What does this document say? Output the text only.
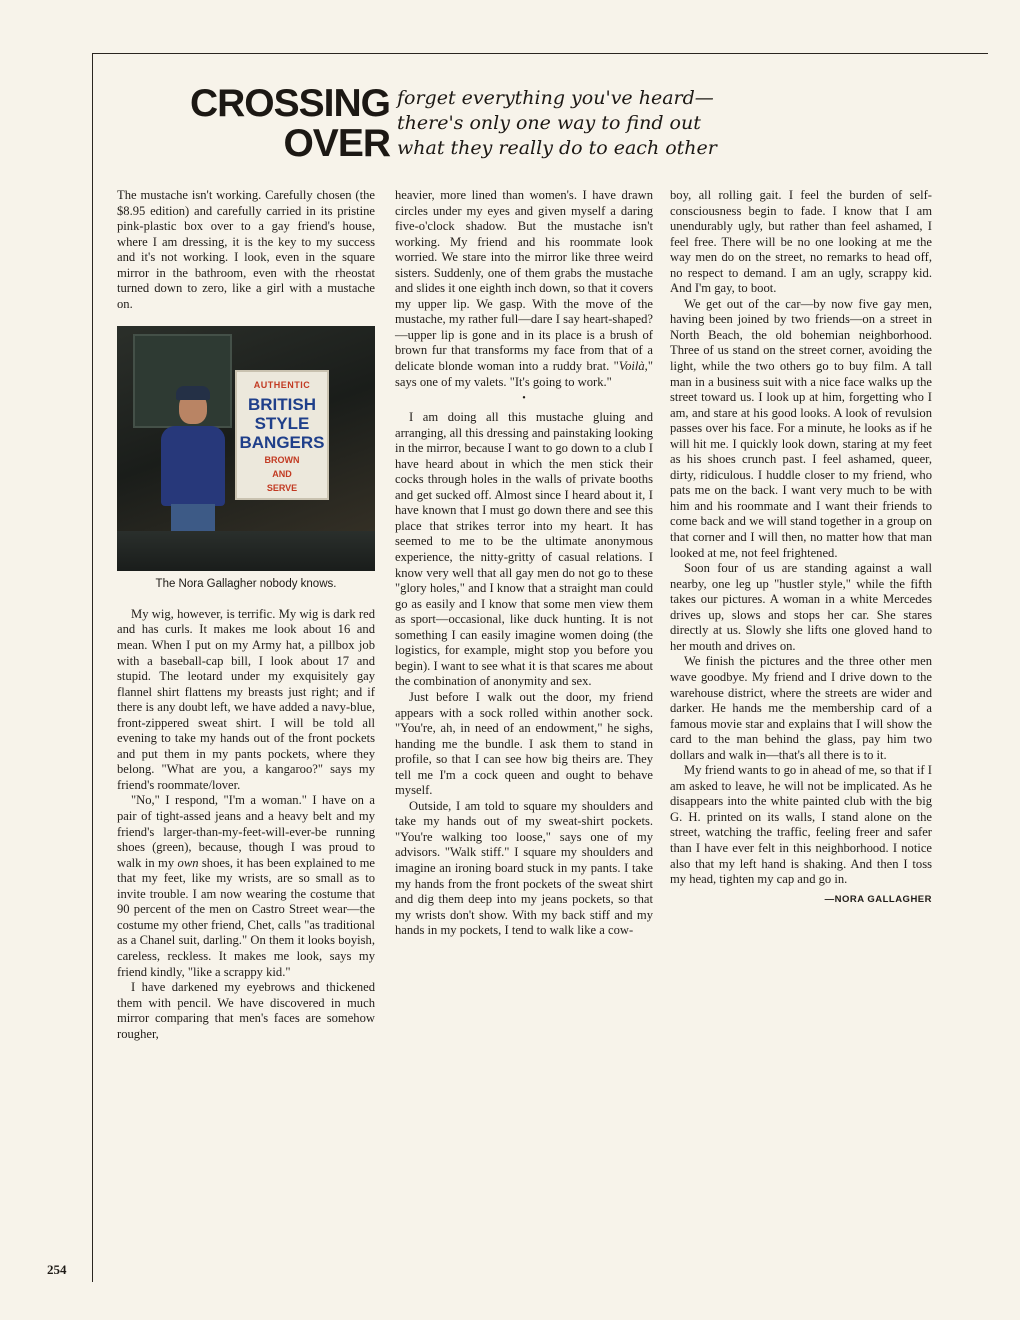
CROSSING
OVER
forget everything you've heard—
there's only one way to find out
what they really do to each other

The mustache isn't working. Carefully chosen (the $8.95 edition) and carefully carried in its pristine pink-plastic box over to a gay friend's house, where I am dressing, it is the key to my success and it's not working. I look, even in the square mirror in the bathroom, even with the rheostat turned down to zero, like a girl with a mustache on.

AUTHENTIC
BRITISH
STYLE
BANGERS
BROWN
AND
SERVE
The Nora Gallagher nobody knows.

My wig, however, is terrific. My wig is dark red and has curls. It makes me look about 16 and mean. When I put on my Army hat, a pillbox job with a baseball-cap bill, I look about 17 and stupid. The leotard under my exquisitely gay flannel shirt flattens my breasts just right; and if there is any doubt left, we have added a navy-blue, front-zippered sweat shirt. I will be told all evening to take my hands out of the front pockets and put them in my pants pockets, where they belong. "What are you, a kangaroo?" says my friend's roommate/lover.

"No," I respond, "I'm a woman." I have on a pair of tight-assed jeans and a heavy belt and my friend's larger-than-my-feet-will-ever-be running shoes (green), because, though I was proud to walk in my own shoes, it has been explained to me that my feet, like my wrists, are so small as to invite trouble. I am now wearing the costume that 90 percent of the men on Castro Street wear—the costume my other friend, Chet, calls "as traditional as a Chanel suit, darling." On them it looks boyish, careless, reckless. It makes me look, says my friend kindly, "like a scrappy kid."

I have darkened my eyebrows and thickened them with pencil. We have discovered in much mirror comparing that men's faces are somehow rougher,

heavier, more lined than women's. I have drawn circles under my eyes and given myself a daring five-o'clock shadow. But the mustache isn't working. My friend and his roommate look worried. We stare into the mirror like three weird sisters. Suddenly, one of them grabs the mustache and slides it one eighth inch down, so that it covers my upper lip. We gasp. With the move of the mustache, my rather full—dare I say heart-shaped?—upper lip is gone and in its place is a brush of brown fur that transforms my face from that of a delicate blonde woman into a ruddy brat. "Voilà," says one of my valets. "It's going to work."

•

I am doing all this mustache gluing and arranging, all this dressing and painstaking looking in the mirror, because I want to go down to a club I have heard about in which the men stick their cocks through holes in the walls of private booths and get sucked off. Almost since I heard about it, I have known that I must go down there and see this place that strikes terror into my heart. It has seemed to me to be the ultimate anonymous experience, the nitty-gritty of casual relations. I know very well that all gay men do not go to these "glory holes," and I know that a straight man could go as easily and I know that some men view them as sport—occasional, like duck hunting. It is not something I can easily imagine women doing (the logistics, for example, might stop you before you begin). I want to see what it is that scares me about the combination of anonymity and sex.

Just before I walk out the door, my friend appears with a sock rolled within another sock. "You're, ah, in need of an endowment," he sighs, handing me the bundle. I ask them to stand in profile, so that I can see how big theirs are. They tell me I'm a cock queen and ought to behave myself.

Outside, I am told to square my shoulders and take my hands out of my sweat-shirt pockets. "You're walking too loose," says one of my advisors. "Walk stiff." I square my shoulders and imagine an ironing board stuck in my pants. I take my hands from the front pockets of the sweat shirt and dig them deep into my jeans pockets, so that my wrists don't show. With my back stiff and my hands in my pockets, I tend to walk like a cow-

boy, all rolling gait. I feel the burden of self-consciousness begin to fade. I know that I am unendurably ugly, but rather than feel ashamed, I feel free. There will be no one looking at me the way men do on the street, no remarks to head off, no respect to demand. I am an ugly, scrappy kid. And I'm gay, to boot.

We get out of the car—by now five gay men, having been joined by two friends—on a street in North Beach, the old bohemian neighborhood. Three of us stand on the street corner, avoiding the light, while the two others go to buy film. A tall man in a business suit with a nice face walks up the street toward us. I look up at him, forgetting who I am, and stare at his good looks. A look of revulsion passes over his face. For a minute, he looks as if he will hit me. I quickly look down, staring at my feet as his shoes crunch past. I feel ashamed, queer, dirty, ridiculous. I huddle closer to my friend, who pats me on the back. I want very much to be with him and his roommate and I want their friends to come back and we will stand together in a group on that corner and I will then, no matter how that man looked at me, not feel frightened.

Soon four of us are standing against a wall nearby, one leg up "hustler style," while the fifth takes our pictures. A woman in a white Mercedes drives up, slows and stops her car. She stares directly at us. Slowly she lifts one gloved hand to her mouth and drives on.

We finish the pictures and the three other men wave goodbye. My friend and I drive down to the warehouse district, where the streets are wider and darker. He hands me the membership card of a famous movie star and explains that I will show the card to the man behind the glass, pay him two dollars and walk in—that's all there is to it.

My friend wants to go in ahead of me, so that if I am asked to leave, he will not be implicated. As he disappears into the white painted club with the big G. H. printed on its walls, I stand alone on the street, watching the traffic, feeling freer and safer than I have ever felt in this neighborhood. I notice also that my left hand is shaking. And then I toss my head, tighten my cap and go in.

—NORA GALLAGHER
254
